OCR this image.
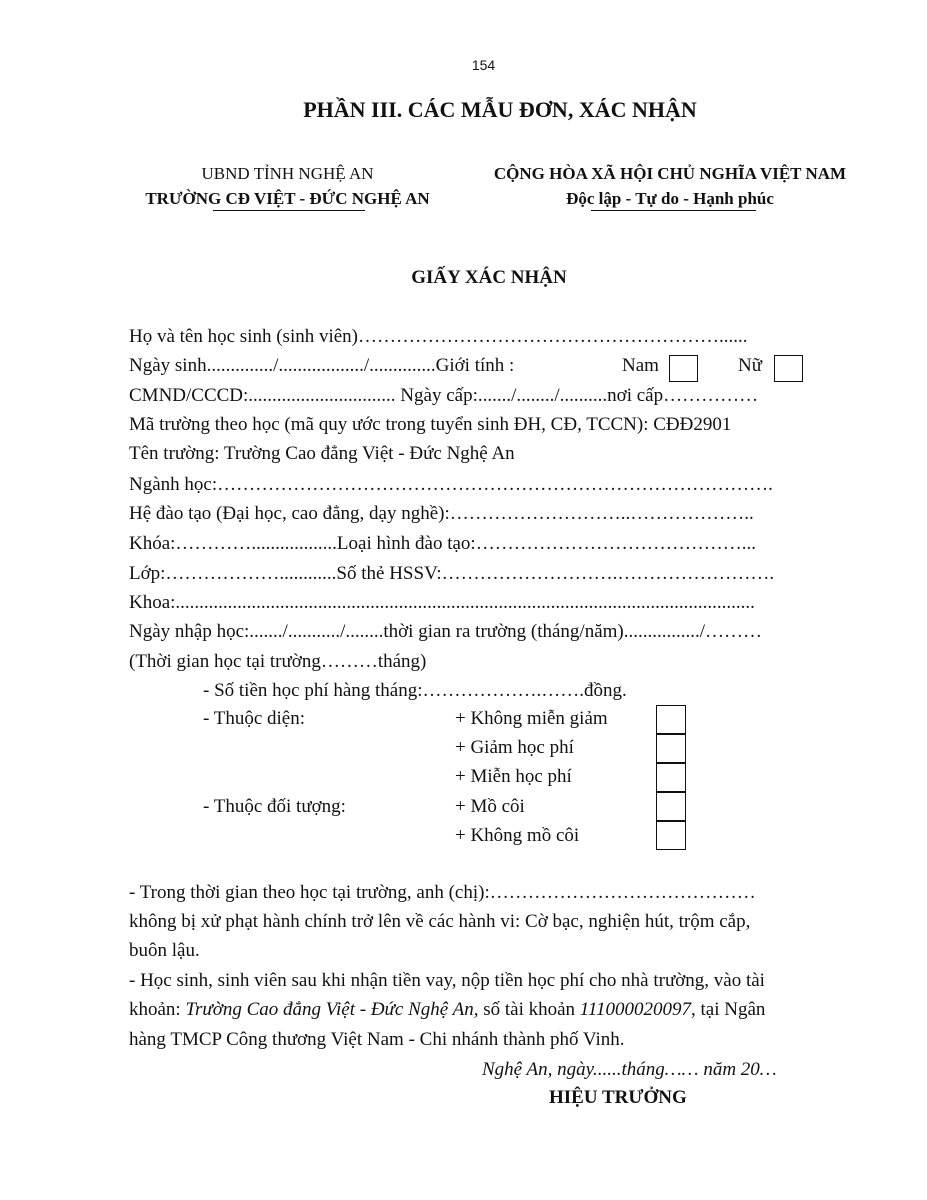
154
PHẦN III. CÁC MẪU ĐƠN, XÁC NHẬN
UBND TỈNH NGHỆ AN
TRƯỜNG CĐ VIỆT - ĐỨC NGHỆ AN
CỘNG HÒA XÃ HỘI CHỦ NGHĨA VIỆT NAM
Độc lập - Tự do - Hạnh phúc
GIẤY XÁC NHẬN
Họ và tên học sinh (sinh viên)…………………………………………………......
Ngày sinh............../................../..............Giới tính :	Nam	Nữ
CMND/CCCD:............................... Ngày cấp:......./......../..........nơi cấp……………
Mã trường theo học (mã quy ước trong tuyển sinh ĐH, CĐ, TCCN): CĐĐ2901
Tên trường: Trường Cao đẳng Việt - Đức Nghệ An
Ngành học:…………………………………………………………………………….
Hệ đào tạo (Đại học, cao đẳng, dạy nghề):………………………..………………..
Khóa:…………..................Loại hình đào tạo:……………………………………...
Lớp:………………............Số thẻ HSSV:……………………….…………………….
Khoa:..........................................................................................................................
Ngày nhập học:......./.........../........thời gian ra trường (tháng/năm)................/………
(Thời gian học tại trường………tháng)
- Số tiền học phí hàng tháng:……………….…….đồng.
- Thuộc diện:	+ Không miễn giảm
+ Giảm học phí
+ Miễn học phí
- Thuộc đối tượng:	+ Mồ côi
+ Không mồ côi
- Trong thời gian theo học tại trường, anh (chị):……………………………………
không bị xử phạt hành chính trở lên về các hành vi: Cờ bạc, nghiện hút, trộm cắp,
buôn lậu.
- Học sinh, sinh viên sau khi nhận tiền vay, nộp tiền học phí cho nhà trường, vào tài
khoản: Trường Cao đẳng Việt - Đức Nghệ An, số tài khoản 111000020097, tại Ngân
hàng TMCP Công thương Việt Nam - Chi nhánh thành phố Vinh.
Nghệ An, ngày......tháng…… năm 20…
HIỆU TRƯỞNG
